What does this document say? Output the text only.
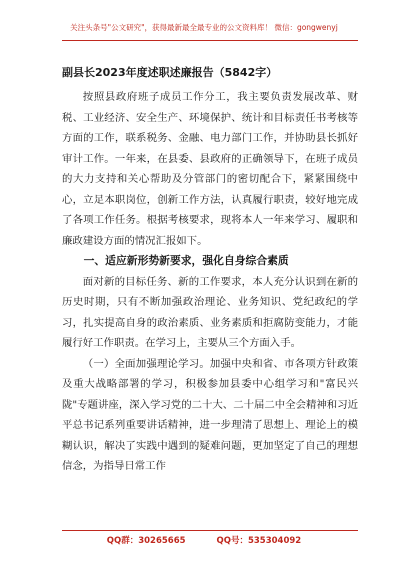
关注头条号"公文研究"，获得最新最全最专业的公文资料库！ 微信：gongwenyj
副县长2023年度述职述廉报告（5842字）

按照县政府班子成员工作分工，我主要负责发展改革、财税、工业经济、安全生产、环境保护、统计和目标责任书考核等方面的工作，联系税务、金融、电力部门工作，并协助县长抓好审计工作。一年来，在县委、县政府的正确领导下，在班子成员的大力支持和关心帮助及分管部门的密切配合下，紧紧围绕中心，立足本职岗位，创新工作方法，认真履行职责，较好地完成了各项工作任务。根据考核要求，现将本人一年来学习、履职和廉政建设方面的情况汇报如下。

一、适应新形势新要求，强化自身综合素质

面对新的目标任务、新的工作要求，本人充分认识到在新的历史时期，只有不断加强政治理论、业务知识、党纪政纪的学习，扎实提高自身的政治素质、业务素质和拒腐防变能力，才能履行好工作职责。在学习上，主要从三个方面入手。

（一）全面加强理论学习。加强中央和省、市各项方针政策及重大战略部署的学习，积极参加县委中心组学习和"富民兴陇"专题讲座，深入学习党的二十大、二十届二中全会精神和习近平总书记系列重要讲话精神，进一步理清了思想上、理论上的模糊认识，解决了实践中遇到的疑难问题，更加坚定了自己的理想信念，为指导日常工作

QQ群：30265665	QQ号：535304092
